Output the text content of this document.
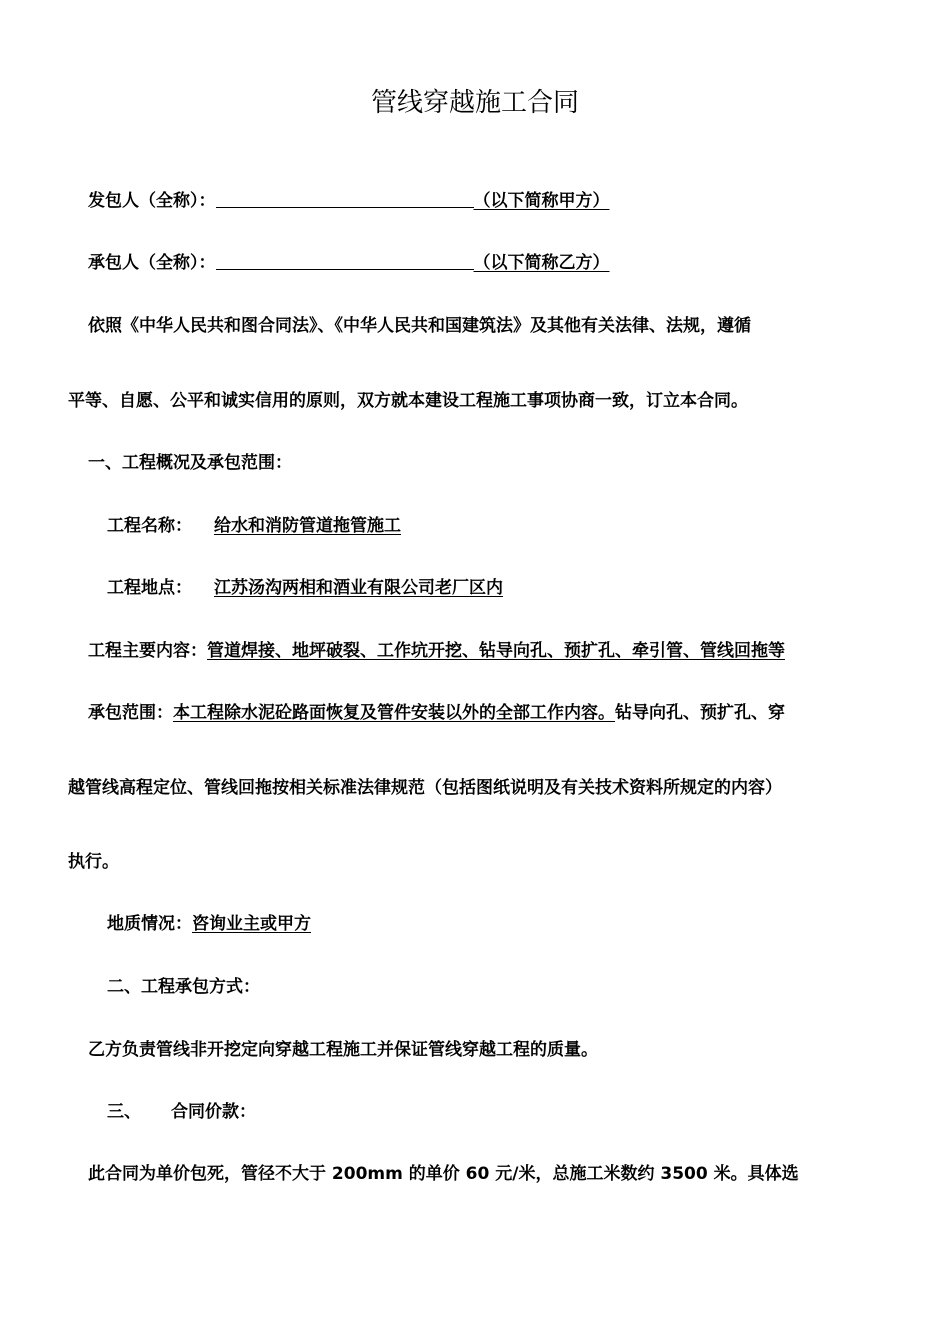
管线穿越施工合同
发包人（全称）：	（以下简称甲方）
承包人（全称）：	（以下简称乙方）
依照《中华人民共和图合同法》、《中华人民共和国建筑法》及其他有关法律、法规，遵循
平等、自愿、公平和诚实信用的原则，双方就本建设工程施工事项协商一致，订立本合同。
一、工程概况及承包范围：
工程名称： 给水和消防管道拖管施工
工程地点： 江苏汤沟两相和酒业有限公司老厂区内
工程主要内容：管道焊接、地坪破裂、工作坑开挖、钻导向孔、预扩孔、牵引管、管线回拖等
承包范围：本工程除水泥砼路面恢复及管件安装以外的全部工作内容。钻导向孔、预扩孔、穿
越管线高程定位、管线回拖按相关标准法律规范（包括图纸说明及有关技术资料所规定的内容）
执行。
地质情况：咨询业主或甲方
二、工程承包方式：
乙方负责管线非开挖定向穿越工程施工并保证管线穿越工程的质量。
三、 合同价款：
此合同为单价包死，管径不大于 200mm 的单价 60 元/米，总施工米数约 3500 米。具体选
